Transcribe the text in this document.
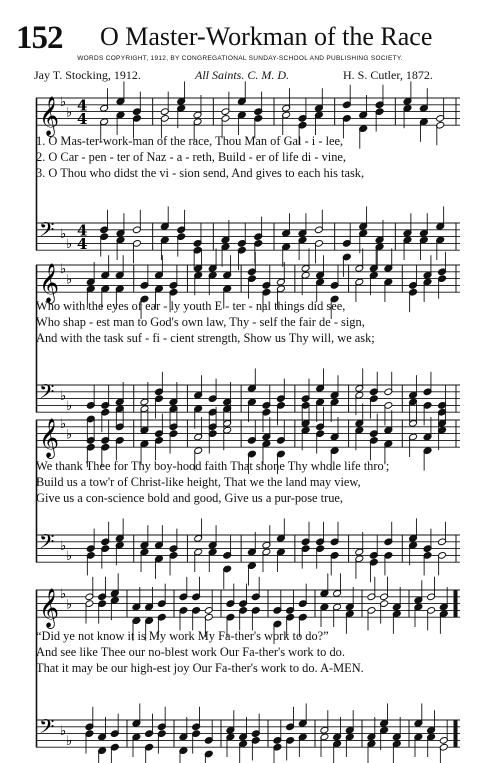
152 O Master-Workman of the Race
WORDS COPYRIGHT, 1912, BY CONGREGATIONAL SUNDAY-SCHOOL AND PUBLISHING SOCIETY.
Jay T. Stocking, 1912.	All Saints. C. M. D.	H. S. Cutler, 1872.
𝄞
𝄢
♭
♭
♭
♭
4
4
4
4
1. O Mas-ter-work-man of the race, Thou Man of Gal - i - lee,
2. O Car - pen - ter of Naz - a - reth, Build - er of life di - vine,
3. O Thou who didst the vi - sion send, And gives to each his task,
𝄞
𝄢
♭
♭
♭
♭
Who with the eyes of ear - ly youth E - ter - nal things did see,
Who shap - est man to God's own law, Thy - self the fair de - sign,
And with the task suf - fi - cient strength, Show us Thy will, we ask;
𝄞
𝄢
♭
♭
♭
♭
We thank Thee for Thy boy-hood faith That shone Thy whole life thro';
Build us a tow'r of Christ-like height, That we the land may view,
Give us a con-science bold and good, Give us a pur-pose true,
𝄞
𝄢
♭
♭
♭
♭
“Did ye not know it is My work My Fa-ther's work to do?”
And see like Thee our no-blest work Our Fa-ther's work to do.
That it may be our high-est joy Our Fa-ther's work to do. A-MEN.
